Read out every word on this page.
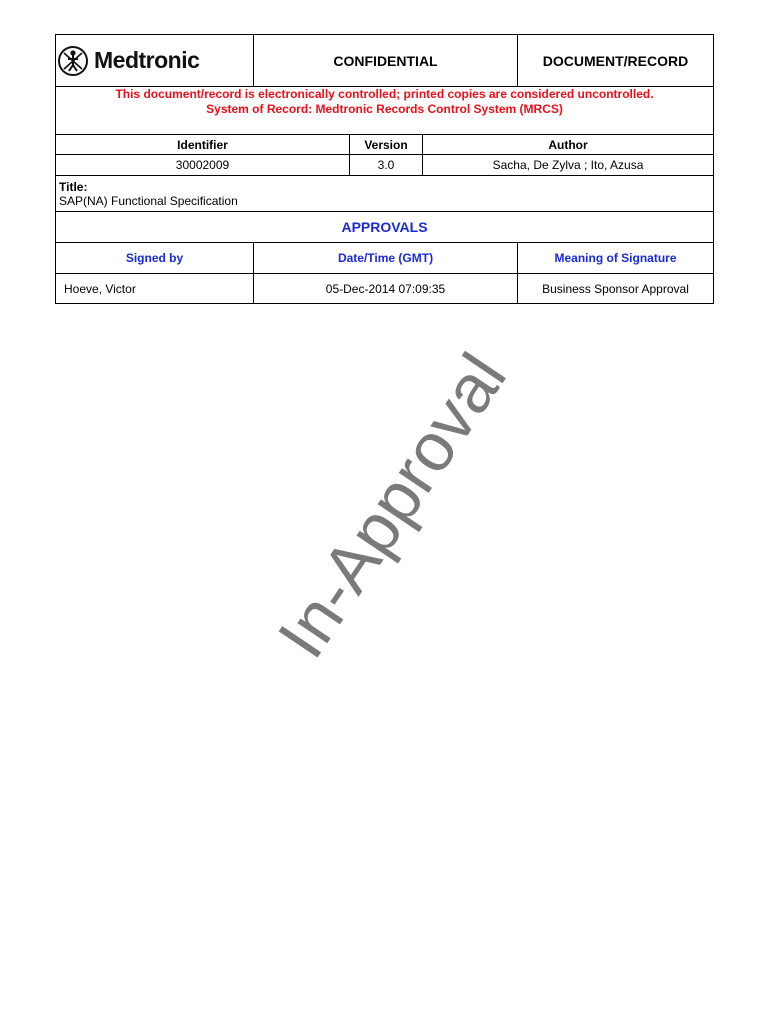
Medtronic	CONFIDENTIAL	DOCUMENT/RECORD
This document/record is electronically controlled; printed copies are considered uncontrolled.
System of Record: Medtronic Records Control System (MRCS)
Identifier	Version	Author
30002009	3.0	Sacha, De Zylva ; Ito, Azusa
Title:
SAP(NA) Functional Specification
APPROVALS
Signed by	Date/Time (GMT)	Meaning of Signature
Hoeve, Victor	05-Dec-2014 07:09:35	Business Sponsor Approval
In-Approval
